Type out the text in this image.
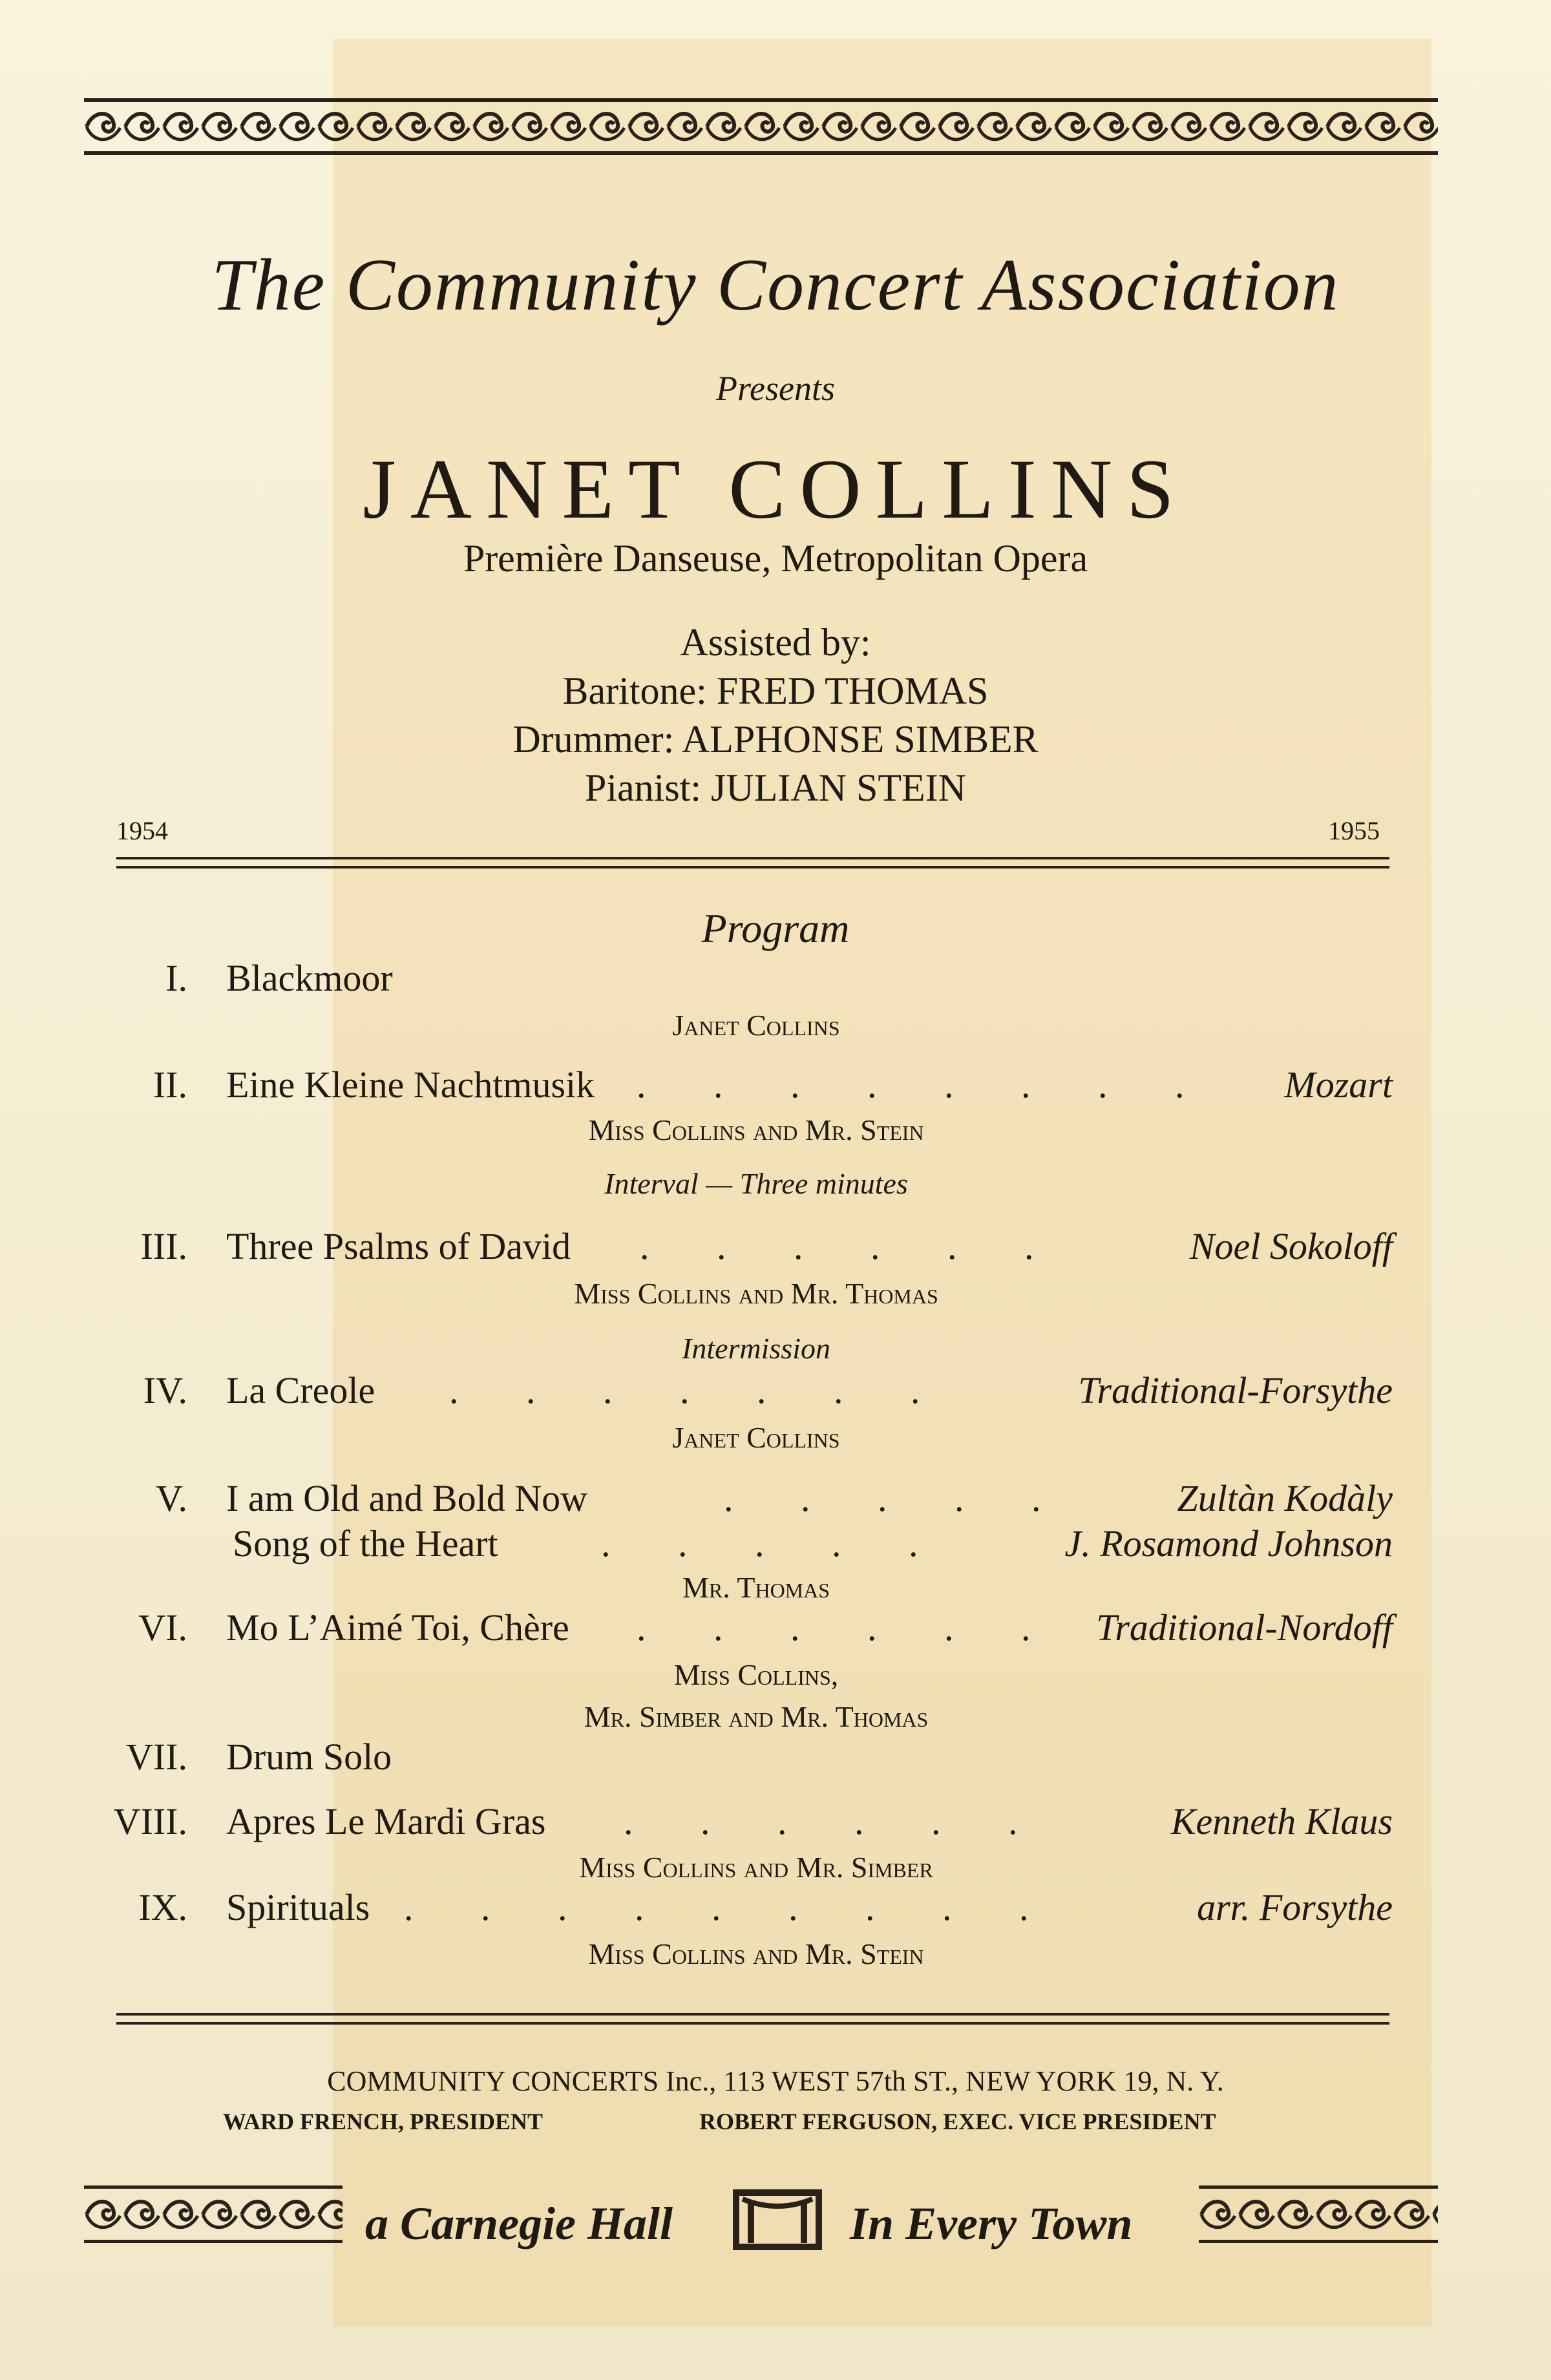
The Community Concert Association
Presents
JANET COLLINS
Première Danseuse, Metropolitan Opera
Assisted by:
Baritone: FRED THOMAS
Drummer: ALPHONSE SIMBER
Pianist: JULIAN STEIN
1954	1955
Program
I. Blackmoor
Janet Collins
II. Eine Kleine Nachtmusik . . . . . . . . Mozart
Miss Collins and Mr. Stein
Interval — Three minutes
III. Three Psalms of David . . . . . .	Noel Sokoloff
Miss Collins and Mr. Thomas
Intermission
IV. La Creole . . . . . . .	Traditional-Forsythe
Janet Collins
V. I am Old and Bold Now	. . . . .	Zultàn Kodàly
Song of the Heart	. . . . .	J. Rosamond Johnson
Mr. Thomas
VI. Mo L’Aimé Toi, Chère . . . . . . Traditional-Nordoff
Miss Collins,
Mr. Simber and Mr. Thomas
VII. Drum Solo
VIII. Apres Le Mardi Gras . . . . . .	Kenneth Klaus
Miss Collins and Mr. Simber
IX. Spirituals . . . . . . . . .	arr. Forsythe
Miss Collins and Mr. Stein
COMMUNITY CONCERTS Inc., 113 WEST 57th ST., NEW YORK 19, N. Y.
WARD FRENCH, PRESIDENT	ROBERT FERGUSON, EXEC. VICE PRESIDENT
a Carnegie Hall	In Every Town
